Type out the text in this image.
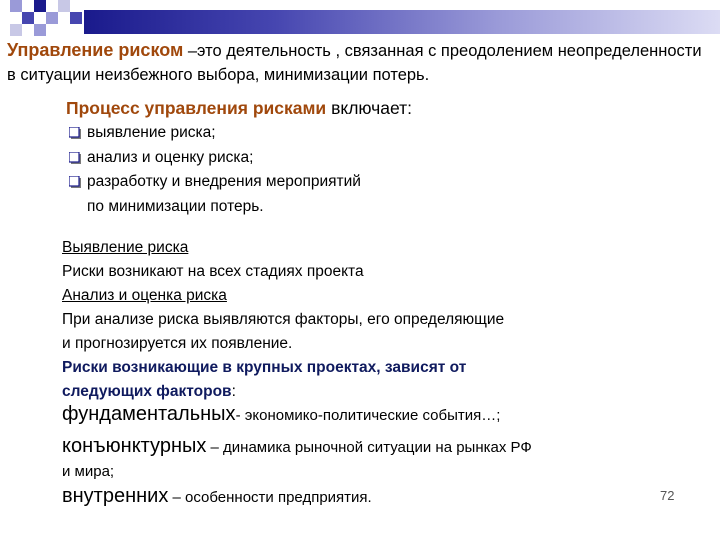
Управление риском –это деятельность , связанная с преодолением неопределенности в ситуации неизбежного выбора, минимизации потерь.
Процесс управления рисками включает:
выявление риска;
анализ и оценку риска;
разработку и внедрения мероприятий
по минимизации потерь.
Выявление риска
Риски возникают на всех стадиях проекта
Анализ и оценка риска
При анализе риска выявляются факторы, его определяющие
и прогнозируется их появление.
Риски возникающие в крупных проектах, зависят от
следующих факторов:
фундаментальных- экономико-политические события…;
конъюнктурных – динамика рыночной ситуации на рынках РФ
и мира;
внутренних – особенности предприятия.	72
